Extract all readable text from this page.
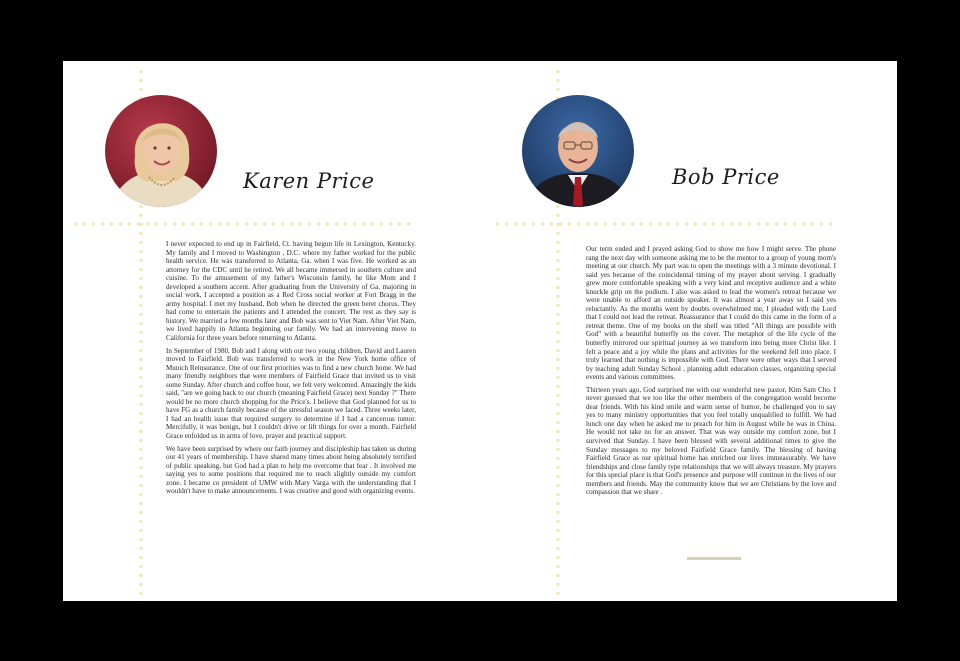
Karen Price

I never expected to end up in Fairfield, Ct. having begun life in Lexington, Kentucky. My family and I moved to Washington , D.C. where my father worked for the public health service. He was transferred to Atlanta, Ga. when I was five. He worked as an attorney for the CDC until he retired. We all became immersed in southern culture and cuisine. To the amusement of my father's Wisconsin family, he like Mom and I developed a southern accent. After graduating from the University of Ga. majoring in social work, I accepted a position as a Red Cross social worker at Fort Bragg in the army hospital. I met my husband, Bob when he directed the green beret chorus. They had come to entertain the patients and I attended the concert. The rest as they say is history. We married a few months later and Bob was sent to Viet Nam. After Viet Nam, we lived happily in Atlanta beginning our family. We had an intervening move to California for three years before returning to Atlanta.

In September of 1980, Bob and I along with our two young children, David and Lauren moved to Fairfield. Bob was transferred to work in the New York home office of Munich Reinsurance. One of our first priorities was to find a new church home. We had many friendly neighbors that were members of Fairfield Grace that invited us to visit some Sunday. After church and coffee hour, we felt very welcomed. Amazingly the kids said, "are we going back to our church (meaning Fairfield Grace) next Sunday ?" There would be no more church shopping for the Price's. I believe that God planned for us to have FG as a church family because of the stressful season we faced. Three weeks later, I had an health issue that required surgery to determine if I had a cancerous tumor. Mercifully, it was benign, but I couldn't drive or lift things for over a month. Fairfield Grace enfolded us in arms of love, prayer and practical support.

We have been surprised by where our faith journey and discipleship has taken us during our 41 years of membership. I have shared many times about being absolutely terrified of public speaking, but God had a plan to help me overcome that fear . It involved me saying yes to some positions that required me to reach slightly outside my comfort zone. I became co president of UMW with Mary Varga with the understanding that I wouldn't have to make announcements. I was creative and good with organizing events.

Bob Price

Our term ended and I prayed asking God to show me how I might serve. The phone rang the next day with someone asking me to be the mentor to a group of young mom's meeting at our church. My part was to open the meetings with a 3 minute devotional. I said yes because of the coincidental timing of my prayer about serving. I gradually grew more comfortable speaking with a very kind and receptive audience and a white knuckle grip on the podium. I also was asked to lead the women's retreat because we were unable to afford an outside speaker. It was almost a year away so I said yes reluctantly. As the months went by doubts overwhelmed me, I pleaded with the Lord that I could not lead the retreat. Reassurance that I could do this came in the form of a retreat theme. One of my books on the shelf was titled "All things are possible with God" with a beautiful butterfly on the cover. The metaphor of the life cycle of the butterfly mirrored our spiritual journey as we transform into being more Christ like. I felt a peace and a joy while the plans and activities for the weekend fell into place. I truly learned that nothing is impossible with God. There were other ways that I served by teaching adult Sunday School , planning adult education classes, organizing special events and various committees.

Thirteen years ago, God surprised me with our wonderful new pastor, Kim Sam Cho. I never guessed that we too like the other members of the congregation would become dear friends. With his kind smile and warm sense of humor, he challenged you to say yes to many ministry opportunities that you feel totally unqualified to fulfill. We had lunch one day when he asked me to preach for him in August while he was in China. He would not take no for an answer. That was way outside my comfort zone, but I survived that Sunday. I have been blessed with several additional times to give the Sunday messages to my beloved Fairfield Grace family. The blessing of having Fairfield Grace as our spiritual home has enriched our lives immeasurably. We have friendships and close family type relationships that we will always treasure. My prayers for this special place is that God's presence and purpose will continue in the lives of our members and friends. May the community know that we are Christians by the love and compassion that we share .
